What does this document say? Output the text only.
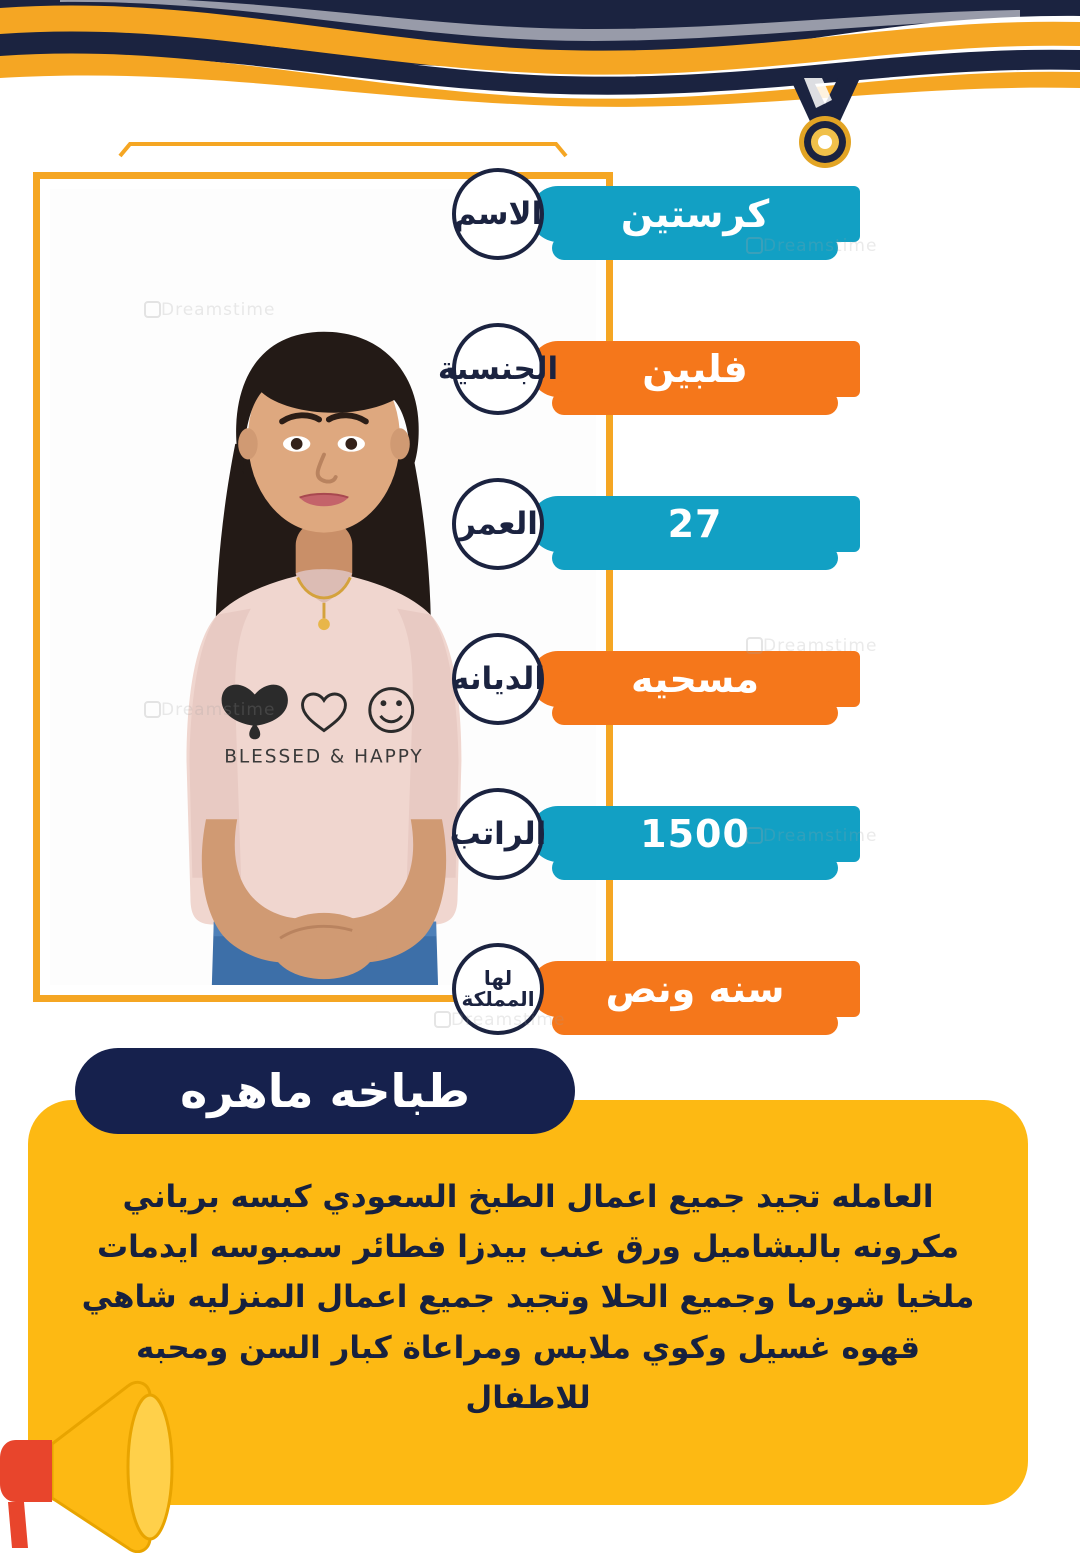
BLESSED & HAPPY
كرستين
الاسم
فلبين
الجنسية
27
العمر
مسحيه
الديانه
1500
الراتب
سنه ونص
لها المملكة
العامله تجيد جميع اعمال الطبخ السعودي كبسه برياني مكرونه بالبشاميل ورق عنب بيدزا فطائر سمبوسه ايدمات ملخيا شورما وجميع الحلا وتجيد جميع اعمال المنزليه شاهي قهوه غسيل وكوي ملابس ومراعاة كبار السن ومحبه للاطفال
طباخه ماهره
Dreamstime
Dreamstime
Dreamstime
Dreamstime
Dreamstime
Dreamstime
